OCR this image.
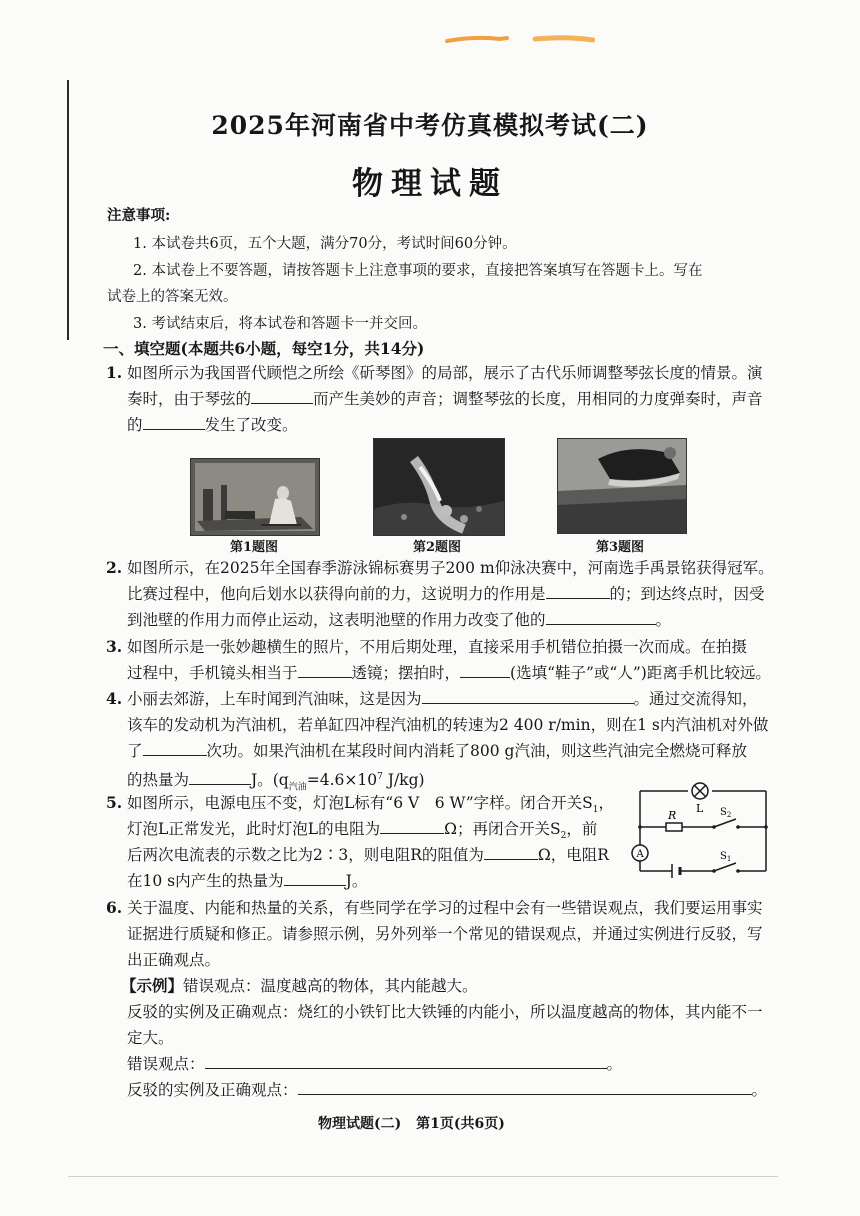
2025年河南省中考仿真模拟考试(二)
物理试题
注意事项:
1. 本试卷共6页，五个大题，满分70分，考试时间60分钟。
2. 本试卷上不要答题，请按答题卡上注意事项的要求，直接把答案填写在答题卡上。写在
试卷上的答案无效。
3. 考试结束后，将本试卷和答题卡一并交回。
一、填空题(本题共6小题，每空1分，共14分)
1. 如图所示为我国晋代顾恺之所绘《斫琴图》的局部，展示了古代乐师调整琴弦长度的情景。演
奏时，由于琴弦的	而产生美妙的声音；调整琴弦的长度，用相同的力度弹奏时，声音
的	发生了改变。
第1题图	第2题图	第3题图
2. 如图所示，在2025年全国春季游泳锦标赛男子200 m仰泳决赛中，河南选手禹景铭获得冠军。
比赛过程中，他向后划水以获得向前的力，这说明力的作用是	的；到达终点时，因受
到池壁的作用力而停止运动，这表明池壁的作用力改变了他的	。
3. 如图所示是一张妙趣横生的照片，不用后期处理，直接采用手机错位拍摄一次而成。在拍摄
过程中，手机镜头相当于	透镜；摆拍时，	(选填“鞋子”或“人”)距离手机比较远。
4. 小丽去郊游，上车时闻到汽油味，这是因为	。通过交流得知，
该车的发动机为汽油机，若单缸四冲程汽油机的转速为2 400 r/min，则在1 s内汽油机对外做
了	次功。如果汽油机在某段时间内消耗了800 g汽油，则这些汽油完全燃烧可释放
的热量为	J。($q_{汽油}=4.6\times 10^7$ J/kg)
5. 如图所示，电源电压不变，灯泡L标有“6 V　6 W”字样。闭合开关$S_1$，
灯泡L正常发光，此时灯泡L的电阻为	Ω；再闭合开关$S_2$，前
后两次电流表的示数之比为2∶3，则电阻R的阻值为	Ω，电阻R
在10 s内产生的热量为	J。
L
R	$S_2$
$S_1$
A
6. 关于温度、内能和热量的关系，有些同学在学习的过程中会有一些错误观点，我们要运用事实
证据进行质疑和修正。请参照示例，另外列举一个常见的错误观点，并通过实例进行反驳，写
出正确观点。
【示例】错误观点：温度越高的物体，其内能越大。
反驳的实例及正确观点：烧红的小铁钉比大铁锤的内能小，所以温度越高的物体，其内能不一
定大。
错误观点：	。
反驳的实例及正确观点：	。
物理试题(二) 第1页(共6页)
